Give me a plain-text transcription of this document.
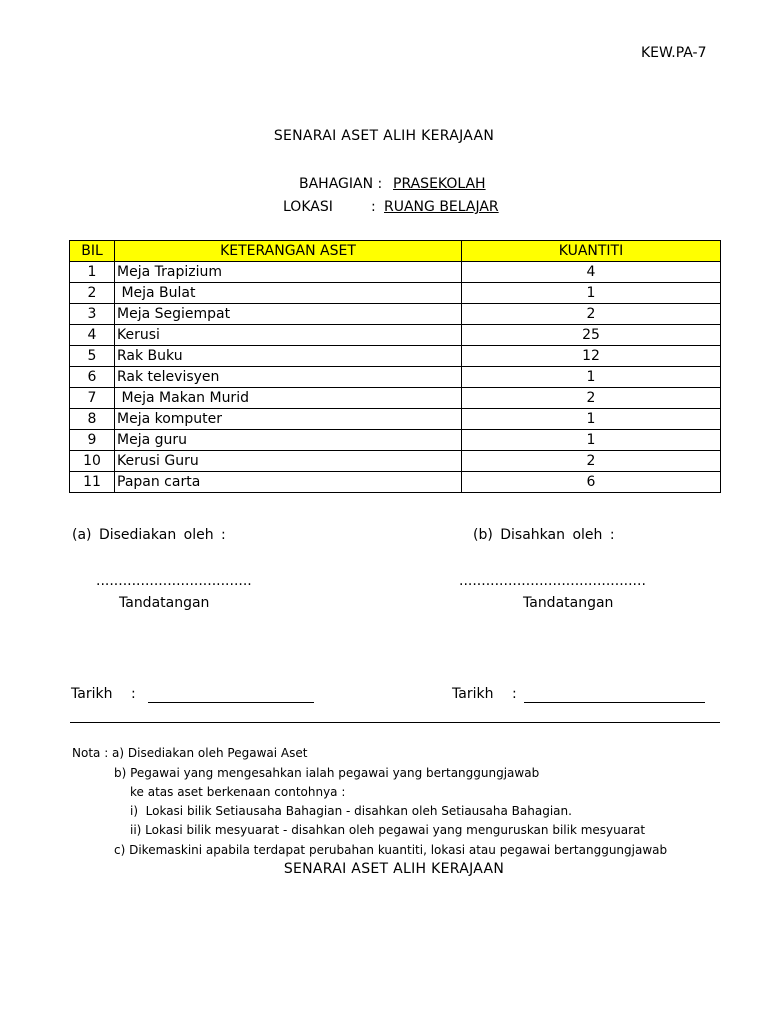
KEW.PA-7
SENARAI ASET ALIH KERAJAAN
BAHAGIAN : PRASEKOLAH
LOKASI	: RUANG BELAJAR
BIL	KETERANGAN ASET	KUANTITI
1	Meja Trapizium	4
2	Meja Bulat	1
3	Meja Segiempat	2
4	Kerusi	25
5	Rak Buku	12
6	Rak televisyen	1
7	Meja Makan Murid	2
8	Meja komputer	1
9	Meja guru	1
10	Kerusi Guru	2
11	Papan carta	6
(a) Disediakan oleh :	(b) Disahkan oleh :
...................................	..........................................
Tandatangan	Tandatangan
Tarikh :	Tarikh :
Nota : a) Disediakan oleh Pegawai Aset
b) Pegawai yang mengesahkan ialah pegawai yang bertanggungjawab
ke atas aset berkenaan contohnya :
i)  Lokasi bilik Setiausaha Bahagian - disahkan oleh Setiausaha Bahagian.
ii) Lokasi bilik mesyuarat - disahkan oleh pegawai yang menguruskan bilik mesyuarat
c) Dikemaskini apabila terdapat perubahan kuantiti, lokasi atau pegawai bertanggungjawab
SENARAI ASET ALIH KERAJAAN
